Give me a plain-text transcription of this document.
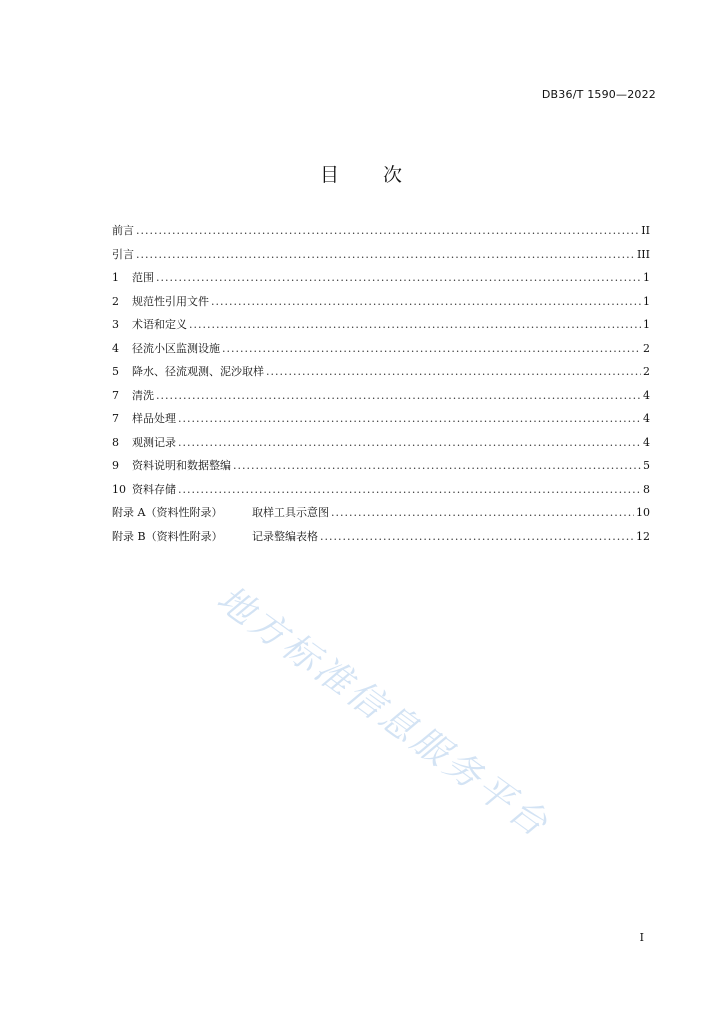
DB36/T 1590—2022
目　　次
前言 .....	II
引言 .....	III
1	范围 .....	1
2	规范性引用文件 .....	1
3	术语和定义 .....	1
4	径流小区监测设施 .....	2
5	降水、径流观测、泥沙取样 .....	2
7	清洗 .....	4
7	样品处理 .....	4
8	观测记录 .....	4
9	资料说明和数据整编 .....	5
10 资料存储 .....	8
附录 A（资料性附录）	取样工具示意图 .....	10
附录 B（资料性附录）	记录整编表格 .....	12
地方标准信息服务平台
I
